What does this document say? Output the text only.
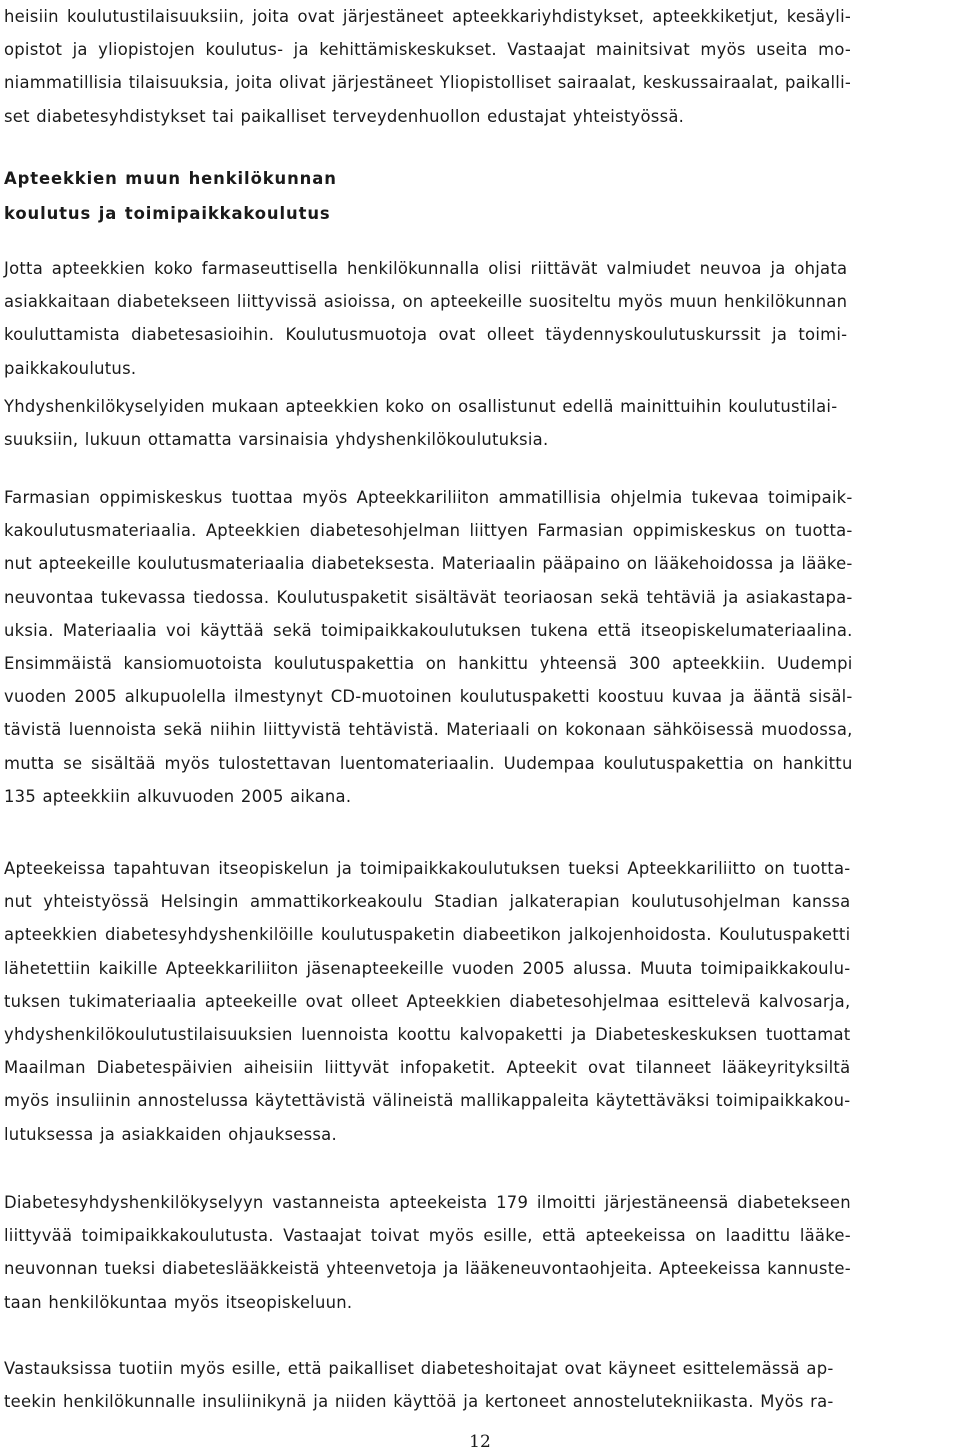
heisiin koulutustilaisuuksiin, joita ovat järjestäneet apteekkariyhdistykset, apteekkiketjut, kesäyli-
opistot ja yliopistojen koulutus- ja kehittämiskeskukset. Vastaajat mainitsivat myös useita mo-
niammatillisia tilaisuuksia, joita olivat järjestäneet Yliopistolliset sairaalat, keskussairaalat, paikalli-
set diabetesyhdistykset tai paikalliset terveydenhuollon edustajat yhteistyössä.
Apteekkien muun henkilökunnan
koulutus ja toimipaikkakoulutus
Jotta apteekkien koko farmaseuttisella henkilökunnalla olisi riittävät valmiudet neuvoa ja ohjata
asiakkaitaan diabetekseen liittyvissä asioissa, on apteekeille suositeltu myös muun henkilökunnan
kouluttamista diabetesasioihin. Koulutusmuotoja ovat olleet täydennyskoulutuskurssit ja toimi-
paikkakoulutus.
Yhdyshenkilökyselyiden mukaan apteekkien koko on osallistunut edellä mainittuihin koulutustilai-
suuksiin, lukuun ottamatta varsinaisia yhdyshenkilökoulutuksia.
Farmasian oppimiskeskus tuottaa myös Apteekkariliiton ammatillisia ohjelmia tukevaa toimipaik-
kakoulutusmateriaalia. Apteekkien diabetesohjelman liittyen Farmasian oppimiskeskus on tuotta-
nut apteekeille koulutusmateriaalia diabeteksesta. Materiaalin pääpaino on lääkehoidossa ja lääke-
neuvontaa tukevassa tiedossa. Koulutuspaketit sisältävät teoriaosan sekä tehtäviä ja asiakastapa-
uksia. Materiaalia voi käyttää sekä toimipaikkakoulutuksen tukena että itseopiskelumateriaalina.
Ensimmäistä kansiomuotoista koulutuspakettia on hankittu yhteensä 300 apteekkiin. Uudempi
vuoden 2005 alkupuolella ilmestynyt CD-muotoinen koulutuspaketti koostuu kuvaa ja ääntä sisäl-
tävistä luennoista sekä niihin liittyvistä tehtävistä. Materiaali on kokonaan sähköisessä muodossa,
mutta se sisältää myös tulostettavan luentomateriaalin. Uudempaa koulutuspakettia on hankittu
135 apteekkiin alkuvuoden 2005 aikana.
Apteekeissa tapahtuvan itseopiskelun ja toimipaikkakoulutuksen tueksi Apteekkariliitto on tuotta-
nut yhteistyössä Helsingin ammattikorkeakoulu Stadian jalkaterapian koulutusohjelman kanssa
apteekkien diabetesyhdyshenkilöille koulutuspaketin diabeetikon jalkojenhoidosta. Koulutuspaketti
lähetettiin kaikille Apteekkariliiton jäsenapteekeille vuoden 2005 alussa. Muuta toimipaikkakoulu-
tuksen tukimateriaalia apteekeille ovat olleet Apteekkien diabetesohjelmaa esittelevä kalvosarja,
yhdyshenkilökoulutustilaisuuksien luennoista koottu kalvopaketti ja Diabeteskeskuksen tuottamat
Maailman Diabetespäivien aiheisiin liittyvät infopaketit. Apteekit ovat tilanneet lääkeyrityksiltä
myös insuliinin annostelussa käytettävistä välineistä mallikappaleita käytettäväksi toimipaikkakou-
lutuksessa ja asiakkaiden ohjauksessa.
Diabetesyhdyshenkilökyselyyn vastanneista apteekeista 179 ilmoitti järjestäneensä diabetekseen
liittyvää toimipaikkakoulutusta. Vastaajat toivat myös esille, että apteekeissa on laadittu lääke-
neuvonnan tueksi diabeteslääkkeistä yhteenvetoja ja lääkeneuvontaohjeita. Apteekeissa kannuste-
taan henkilökuntaa myös itseopiskeluun.
Vastauksissa tuotiin myös esille, että paikalliset diabeteshoitajat ovat käyneet esittelemässä ap-
teekin henkilökunnalle insuliinikynä ja niiden käyttöä ja kertoneet annostelutekniikasta. Myös ra-
12
